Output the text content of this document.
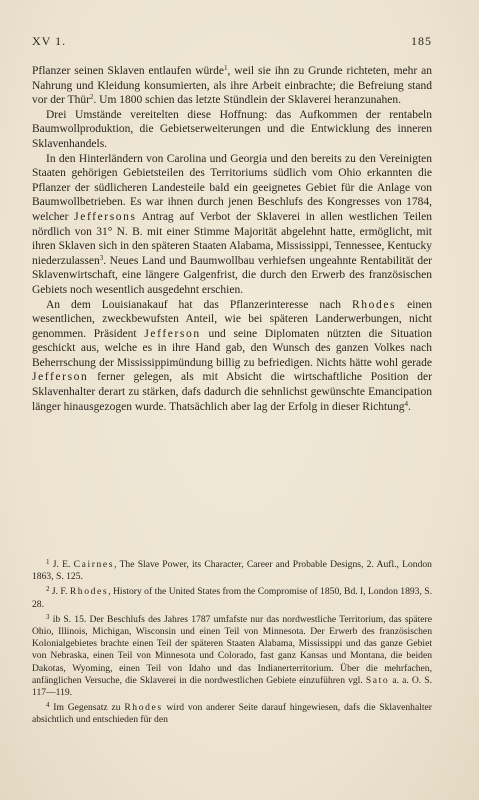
XV 1.	185

Pflanzer seinen Sklaven entlaufen würde$^1$, weil sie ihn zu Grunde richteten, mehr an Nahrung und Kleidung konsumierten, als ihre Arbeit einbrachte; die Befreiung stand vor der Thür$^2$. Um 1800 schien das letzte Stündlein der Sklaverei heranzunahen.

Drei Umstände vereitelten diese Hoffnung: das Aufkommen der rentabeln Baumwollproduktion, die Gebietserweiterungen und die Entwicklung des inneren Sklavenhandels.

In den Hinterländern von Carolina und Georgia und den bereits zu den Vereinigten Staaten gehörigen Gebietsteilen des Territoriums südlich vom Ohio erkannten die Pflanzer der südlicheren Landesteile bald ein geeignetes Gebiet für die Anlage von Baumwollbetrieben. Es war ihnen durch jenen Beschlufs des Kongresses von 1784, welcher Jeffersons Antrag auf Verbot der Sklaverei in allen westlichen Teilen nördlich von 31° N. B. mit einer Stimme Majorität abgelehnt hatte, ermöglicht, mit ihren Sklaven sich in den späteren Staaten Alabama, Mississippi, Tennessee, Kentucky niederzulassen$^3$. Neues Land und Baumwollbau verhiefsen ungeahnte Rentabilität der Sklavenwirtschaft, eine längere Galgenfrist, die durch den Erwerb des französischen Gebiets noch wesentlich ausgedehnt erschien.

An dem Louisianakauf hat das Pflanzerinteresse nach Rhodes einen wesentlichen, zweckbewufsten Anteil, wie bei späteren Landerwerbungen, nicht genommen. Präsident Jefferson und seine Diplomaten nützten die Situation geschickt aus, welche es in ihre Hand gab, den Wunsch des ganzen Volkes nach Beherrschung der Mississippimündung billig zu befriedigen. Nichts hätte wohl gerade Jefferson ferner gelegen, als mit Absicht die wirtschaftliche Position der Sklavenhalter derart zu stärken, dafs dadurch die sehnlichst gewünschte Emancipation länger hinausgezogen wurde. Thatsächlich aber lag der Erfolg in dieser Richtung$^4$.

$^1$ J. E. Cairnes, The Slave Power, its Character, Career and Probable Designs, 2. Aufl., London 1863, S. 125.

$^2$ J. F. Rhodes, History of the United States from the Compromise of 1850, Bd. I, London 1893, S. 28.

$^3$ ib S. 15. Der Beschlufs des Jahres 1787 umfafste nur das nordwestliche Territorium, das spätere Ohio, Illinois, Michigan, Wisconsin und einen Teil von Minnesota. Der Erwerb des französischen Kolonialgebietes brachte einen Teil der späteren Staaten Alabama, Mississippi und das ganze Gebiet von Nebraska, einen Teil von Minnesota und Colorado, fast ganz Kansas und Montana, die beiden Dakotas, Wyoming, einen Teil von Idaho und das Indianerterritorium. Über die mehrfachen, anfänglichen Versuche, die Sklaverei in die nordwestlichen Gebiete einzuführen vgl. Sato a. a. O. S. 117—119.

$^4$ Im Gegensatz zu Rhodes wird von anderer Seite darauf hingewiesen, dafs die Sklavenhalter absichtlich und entschieden für den
